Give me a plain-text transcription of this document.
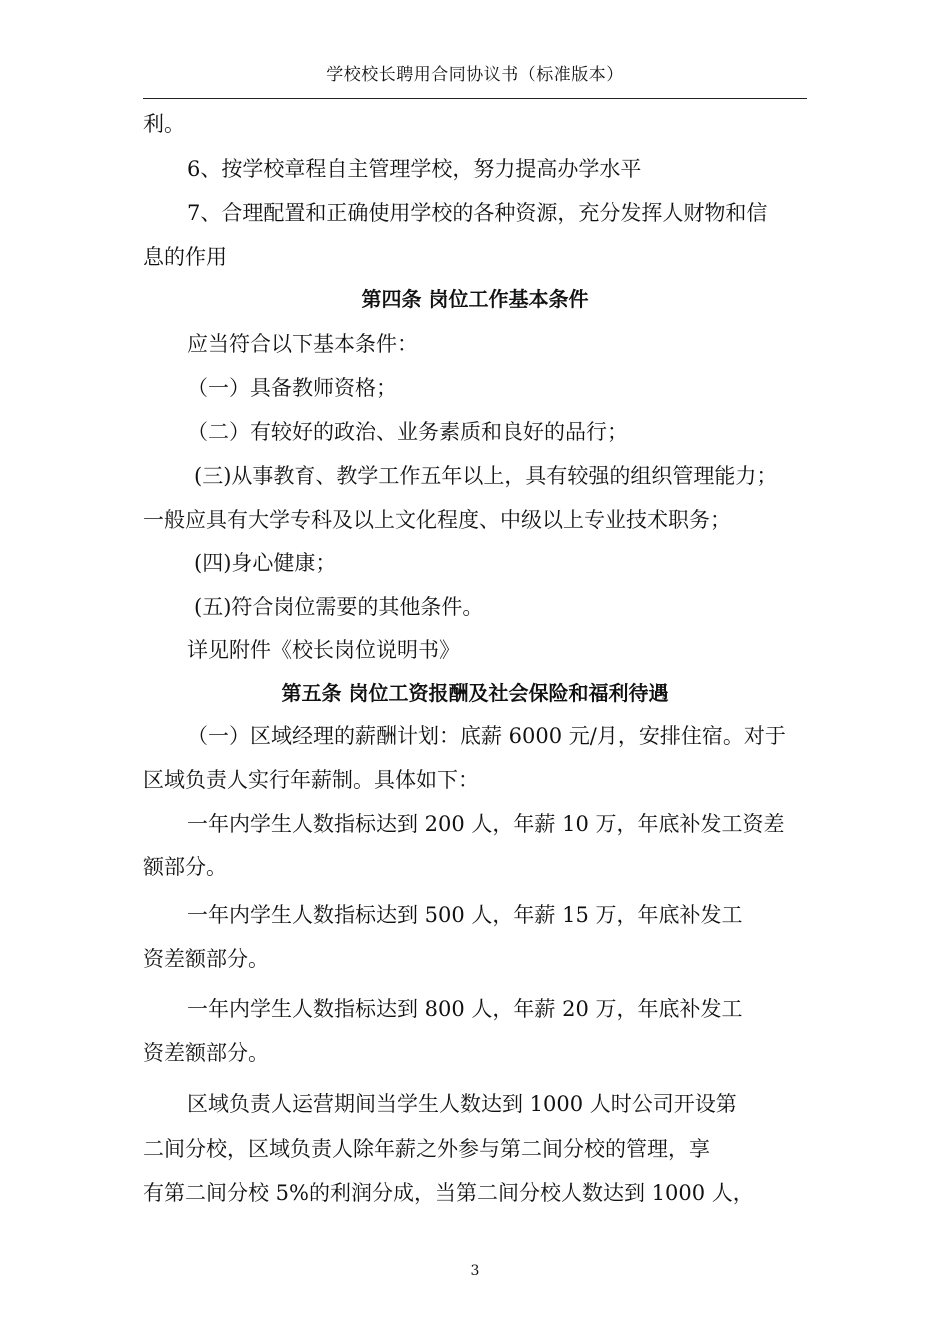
学校校长聘用合同协议书（标准版本）
利。
6、按学校章程自主管理学校，努力提高办学水平
7、合理配置和正确使用学校的各种资源，充分发挥人财物和信
息的作用
第四条 岗位工作基本条件
应当符合以下基本条件：
（一）具备教师资格；
（二）有较好的政治、业务素质和良好的品行；
(三)从事教育、教学工作五年以上，具有较强的组织管理能力；
一般应具有大学专科及以上文化程度、中级以上专业技术职务；
(四)身心健康；
(五)符合岗位需要的其他条件。
详见附件《校长岗位说明书》
第五条 岗位工资报酬及社会保险和福利待遇
（一）区域经理的薪酬计划：底薪 6000 元/月，安排住宿。对于
区域负责人实行年薪制。具体如下：
一年内学生人数指标达到 200 人，年薪 10 万，年底补发工资差
额部分。
一年内学生人数指标达到 500 人，年薪 15 万，年底补发工
资差额部分。
一年内学生人数指标达到 800 人，年薪 20 万，年底补发工
资差额部分。
区域负责人运营期间当学生人数达到 1000 人时公司开设第
二间分校，区域负责人除年薪之外参与第二间分校的管理，享
有第二间分校 5%的利润分成，当第二间分校人数达到 1000 人，
3
